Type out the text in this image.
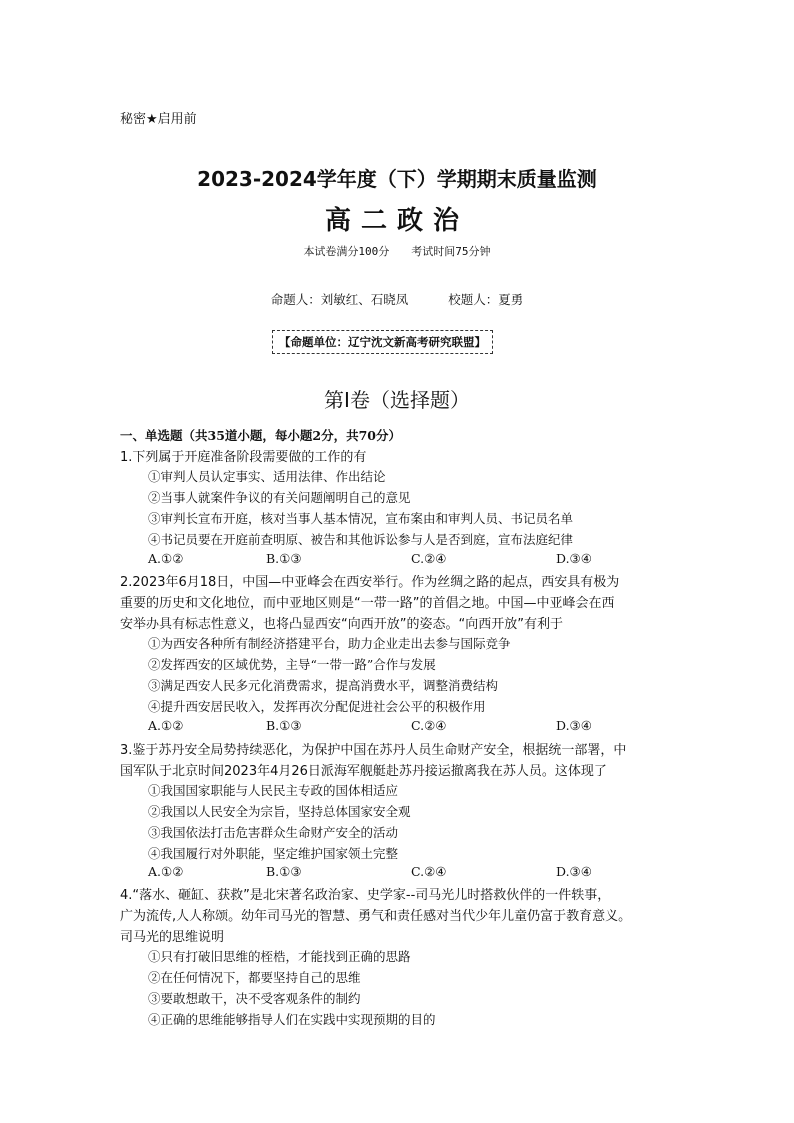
秘密★启用前
2023-2024学年度（下）学期期末质量监测
高二政治
本试卷满分100分　　考试时间75分钟
命题人：刘敏红、石晓凤	校题人：夏勇
【命题单位：辽宁沈文新高考研究联盟】
第Ⅰ卷（选择题）
一、单选题（共35道小题，每小题2分，共70分）
1.下列属于开庭准备阶段需要做的工作的有
①审判人员认定事实、适用法律、作出结论
②当事人就案件争议的有关问题阐明自己的意见
③审判长宣布开庭，核对当事人基本情况，宣布案由和审判人员、书记员名单
④书记员要在开庭前查明原、被告和其他诉讼参与人是否到庭，宣布法庭纪律
A.①②	B.①③	C.②④	D.③④
2.2023年6月18日，中国—中亚峰会在西安举行。作为丝绸之路的起点，西安具有极为
重要的历史和文化地位，而中亚地区则是“一带一路”的首倡之地。中国—中亚峰会在西
安举办具有标志性意义，也将凸显西安“向西开放”的姿态。“向西开放”有利于
①为西安各种所有制经济搭建平台，助力企业走出去参与国际竞争
②发挥西安的区域优势，主导“一带一路”合作与发展
③满足西安人民多元化消费需求，提高消费水平，调整消费结构
④提升西安居民收入，发挥再次分配促进社会公平的积极作用
A.①②	B.①③	C.②④	D.③④
3.鉴于苏丹安全局势持续恶化，为保护中国在苏丹人员生命财产安全，根据统一部署，中
国军队于北京时间2023年4月26日派海军舰艇赴苏丹接运撤离我在苏人员。这体现了
①我国国家职能与人民民主专政的国体相适应
②我国以人民安全为宗旨，坚持总体国家安全观
③我国依法打击危害群众生命财产安全的活动
④我国履行对外职能，坚定维护国家领土完整
A.①②	B.①③	C.②④	D.③④
4.“落水、砸缸、获救”是北宋著名政治家、史学家--司马光儿时搭救伙伴的一件轶事，
广为流传,人人称颂。幼年司马光的智慧、勇气和责任感对当代少年儿童仍富于教育意义。
司马光的思维说明
①只有打破旧思维的桎梏，才能找到正确的思路
②在任何情况下，都要坚持自己的思维
③要敢想敢干，决不受客观条件的制约
④正确的思维能够指导人们在实践中实现预期的目的
